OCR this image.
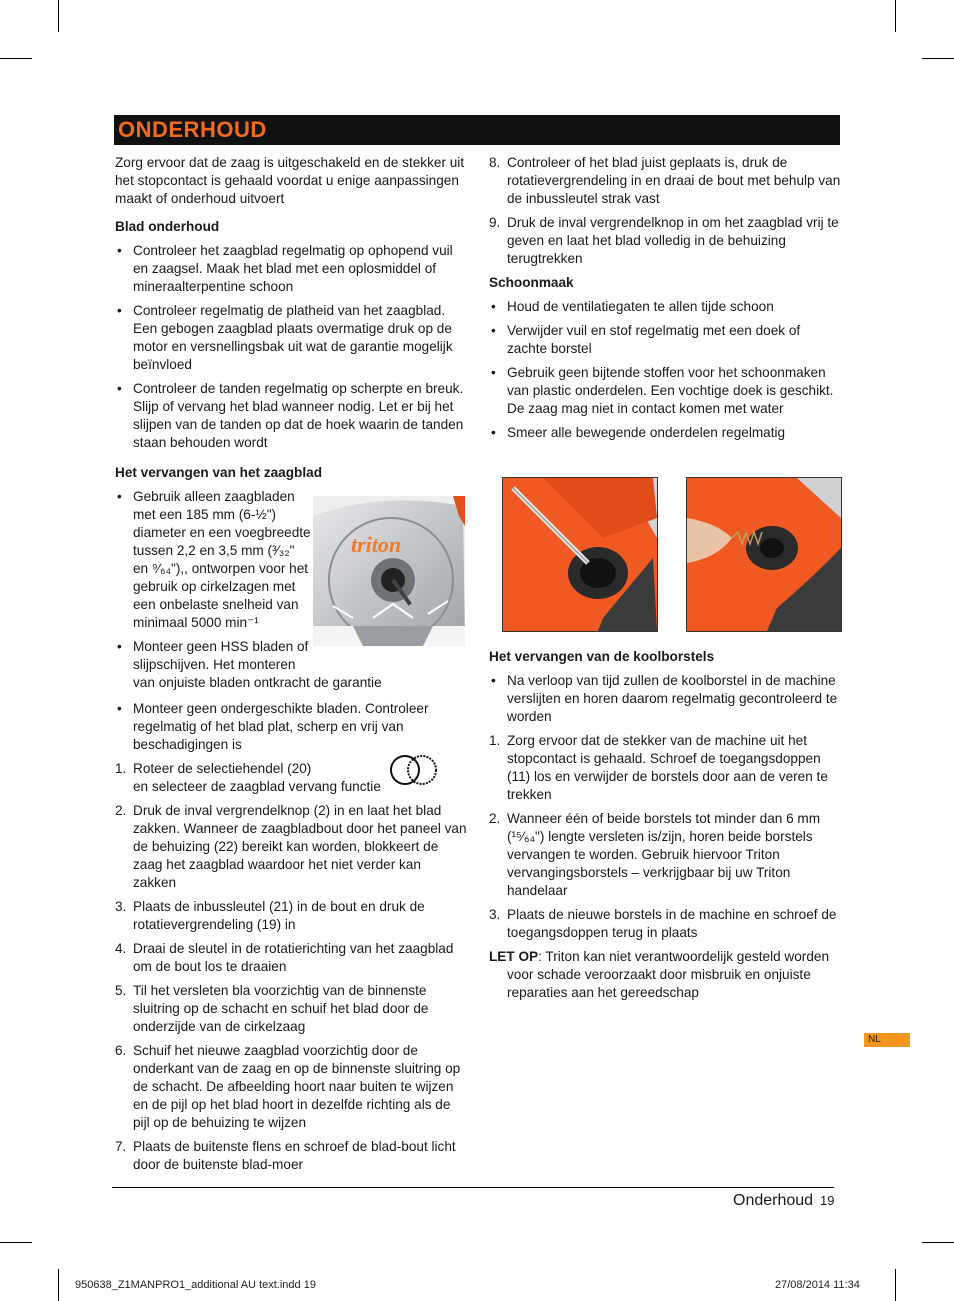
ONDERHOUD

Zorg ervoor dat de zaag is uitgeschakeld en de stekker uit het stopcontact is gehaald voordat u enige aanpassingen maakt of onderhoud uitvoert

Blad onderhoud

• Controleer het zaagblad regelmatig op ophopend vuil en zaagsel. Maak het blad met een oplosmiddel of mineraalterpentine schoon
• Controleer regelmatig de platheid van het zaagblad. Een gebogen zaagblad plaats overmatige druk op de motor en versnellingsbak uit wat de garantie mogelijk beïnvloed
• Controleer de tanden regelmatig op scherpte en breuk. Slijp of vervang het blad wanneer nodig. Let er bij het slijpen van de tanden op dat de hoek waarin de tanden staan behouden wordt

Het vervangen van het zaagblad

• Gebruik alleen zaagbladen
met een 185 mm (6-½")
diameter en een voegbreedte
tussen 2,2 en 3,5 mm (³⁄₃₂"
en ⁹⁄₆₄"),, ontworpen voor het
gebruik op cirkelzagen met
een onbelaste snelheid van
minimaal 5000 min⁻¹
• Monteer geen HSS bladen of
slijpschijven. Het monteren
van onjuiste bladen ontkracht de garantie
• Monteer geen ondergeschikte bladen. Controleer regelmatig of het blad plat, scherp en vrij van beschadigingen is
1. Roteer de selectiehendel (20)
en selecteer de zaagblad vervang functie
2. Druk de inval vergrendelknop (2) in en laat het blad zakken. Wanneer de zaagbladbout door het paneel van de behuizing (22) bereikt kan worden, blokkeert de zaag het zaagblad waardoor het niet verder kan zakken
3. Plaats de inbussleutel (21) in de bout en druk de rotatievergrendeling (19) in
4. Draai de sleutel in de rotatierichting van het zaagblad om de bout los te draaien
5. Til het versleten bla voorzichtig van de binnenste sluitring op de schacht en schuif het blad door de onderzijde van de cirkelzaag
6. Schuif het nieuwe zaagblad voorzichtig door de onderkant van de zaag en op de binnenste sluitring op de schacht. De afbeelding hoort naar buiten te wijzen en de pijl op het blad hoort in dezelfde richting als de pijl op de behuizing te wijzen
7. Plaats de buitenste flens en schroef de blad-bout licht door de buitenste blad-moer
triton
8. Controleer of het blad juist geplaats is, druk de rotatievergrendeling in en draai de bout met behulp van de inbussleutel strak vast
9. Druk de inval vergrendelknop in om het zaagblad vrij te geven en laat het blad volledig in de behuizing terugtrekken

Schoonmaak

• Houd de ventilatiegaten te allen tijde schoon
• Verwijder vuil en stof regelmatig met een doek of zachte borstel
• Gebruik geen bijtende stoffen voor het schoonmaken van plastic onderdelen. Een vochtige doek is geschikt. De zaag mag niet in contact komen met water
• Smeer alle bewegende onderdelen regelmatig

Het vervangen van de koolborstels

• Na verloop van tijd zullen de koolborstel in de machine verslijten en horen daarom regelmatig gecontroleerd te worden
1. Zorg ervoor dat de stekker van de machine uit het stopcontact is gehaald. Schroef de toegangsdoppen (11) los en verwijder de borstels door aan de veren te trekken
2. Wanneer één of beide borstels tot minder dan 6 mm (¹⁵⁄₆₄") lengte versleten is/zijn, horen beide borstels vervangen te worden. Gebruik hiervoor Triton vervangingsborstels – verkrijgbaar bij uw Triton handelaar
3. Plaats de nieuwe borstels in de machine en schroef de toegangsdoppen terug in plaats
LET OP: Triton kan niet verantwoordelijk gesteld worden voor schade veroorzaakt door misbruik en onjuiste reparaties aan het gereedschap
NL
Onderhoud 19
950638_Z1MANPRO1_additional AU text.indd 19	27/08/2014 11:34
